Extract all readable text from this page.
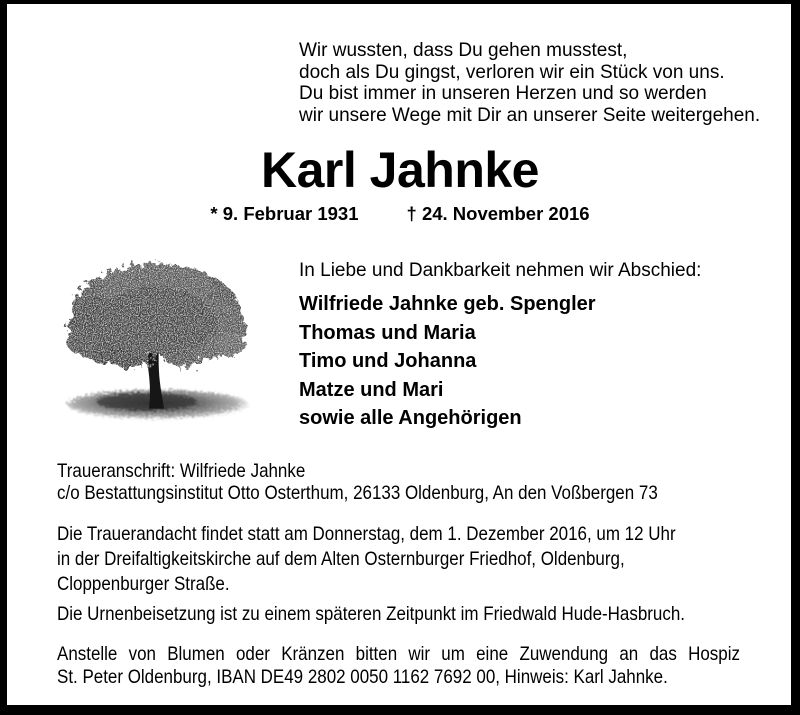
Wir wussten, dass Du gehen musstest,
doch als Du gingst, verloren wir ein Stück von uns.
Du bist immer in unseren Herzen und so werden
wir unsere Wege mit Dir an unserer Seite weitergehen.
Karl Jahnke
* 9. Februar 1931	† 24. November 2016
In Liebe und Dankbarkeit nehmen wir Abschied:
Wilfriede Jahnke geb. Spengler
Thomas und Maria
Timo und Johanna
Matze und Mari
sowie alle Angehörigen
Traueranschrift: Wilfriede Jahnke
c/o Bestattungsinstitut Otto Osterthum, 26133 Oldenburg, An den Voßbergen 73
Die Trauerandacht findet statt am Donnerstag, dem 1. Dezember 2016, um 12 Uhr
in der Dreifaltigkeitskirche auf dem Alten Osternburger Friedhof, Oldenburg,
Cloppenburger Straße.
Die Urnenbeisetzung ist zu einem späteren Zeitpunkt im Friedwald Hude-Hasbruch.
Anstelle von Blumen oder Kränzen bitten wir um eine Zuwendung an das Hospiz
St. Peter Oldenburg, IBAN DE49 2802 0050 1162 7692 00, Hinweis: Karl Jahnke.
